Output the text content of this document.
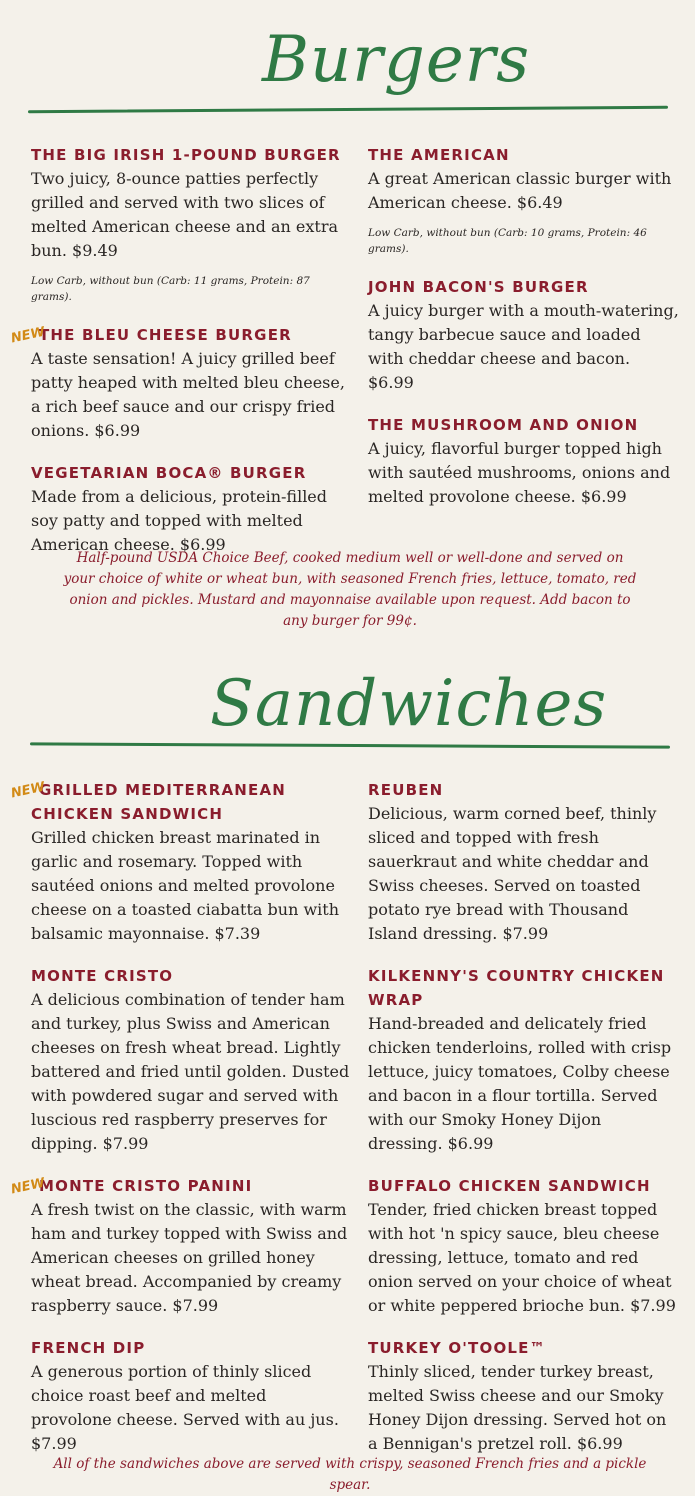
Burgers
THE BIG IRISH 1-POUND BURGER
Two juicy, 8-ounce patties perfectly grilled and served with two slices of melted American cheese and an extra bun. $9.49
Low Carb, without bun (Carb: 11 grams, Protein: 87 grams).
NEW
THE BLEU CHEESE BURGER
A taste sensation! A juicy grilled beef patty heaped with melted bleu cheese, a rich beef sauce and our crispy fried onions. $6.99
VEGETARIAN BOCA® BURGER
Made from a delicious, protein-filled soy patty and topped with melted American cheese. $6.99
THE AMERICAN
A great American classic burger with American cheese. $6.49
Low Carb, without bun (Carb: 10 grams, Protein: 46 grams).
JOHN BACON'S BURGER
A juicy burger with a mouth-watering, tangy barbecue sauce and loaded with cheddar cheese and bacon. $6.99
THE MUSHROOM AND ONION
A juicy, flavorful burger topped high with sautéed mushrooms, onions and melted provolone cheese. $6.99
Half-pound USDA Choice Beef, cooked medium well or well-done and served on your choice of white or wheat bun, with seasoned French fries, lettuce, tomato, red onion and pickles. Mustard and mayonnaise available upon request. Add bacon to any burger for 99¢.
Sandwiches
NEW
GRILLED MEDITERRANEAN CHICKEN SANDWICH
Grilled chicken breast marinated in garlic and rosemary. Topped with sautéed onions and melted provolone cheese on a toasted ciabatta bun with balsamic mayonnaise. $7.39
MONTE CRISTO
A delicious combination of tender ham and turkey, plus Swiss and American cheeses on fresh wheat bread. Lightly battered and fried until golden. Dusted with powdered sugar and served with luscious red raspberry preserves for dipping. $7.99
NEW
MONTE CRISTO PANINI
A fresh twist on the classic, with warm ham and turkey topped with Swiss and American cheeses on grilled honey wheat bread. Accompanied by creamy raspberry sauce. $7.99
FRENCH DIP
A generous portion of thinly sliced choice roast beef and melted provolone cheese. Served with au jus. $7.99
REUBEN
Delicious, warm corned beef, thinly sliced and topped with fresh sauerkraut and white cheddar and Swiss cheeses. Served on toasted potato rye bread with Thousand Island dressing. $7.99
KILKENNY'S COUNTRY CHICKEN WRAP
Hand-breaded and delicately fried chicken tenderloins, rolled with crisp lettuce, juicy tomatoes, Colby cheese and bacon in a flour tortilla. Served with our Smoky Honey Dijon dressing. $6.99
BUFFALO CHICKEN SANDWICH
Tender, fried chicken breast topped with hot 'n spicy sauce, bleu cheese dressing, lettuce, tomato and red onion served on your choice of wheat or white peppered brioche bun. $7.99
TURKEY O'TOOLE™
Thinly sliced, tender turkey breast, melted Swiss cheese and our Smoky Honey Dijon dressing. Served hot on a Bennigan's pretzel roll. $6.99
All of the sandwiches above are served with crispy, seasoned French fries and a pickle spear.
